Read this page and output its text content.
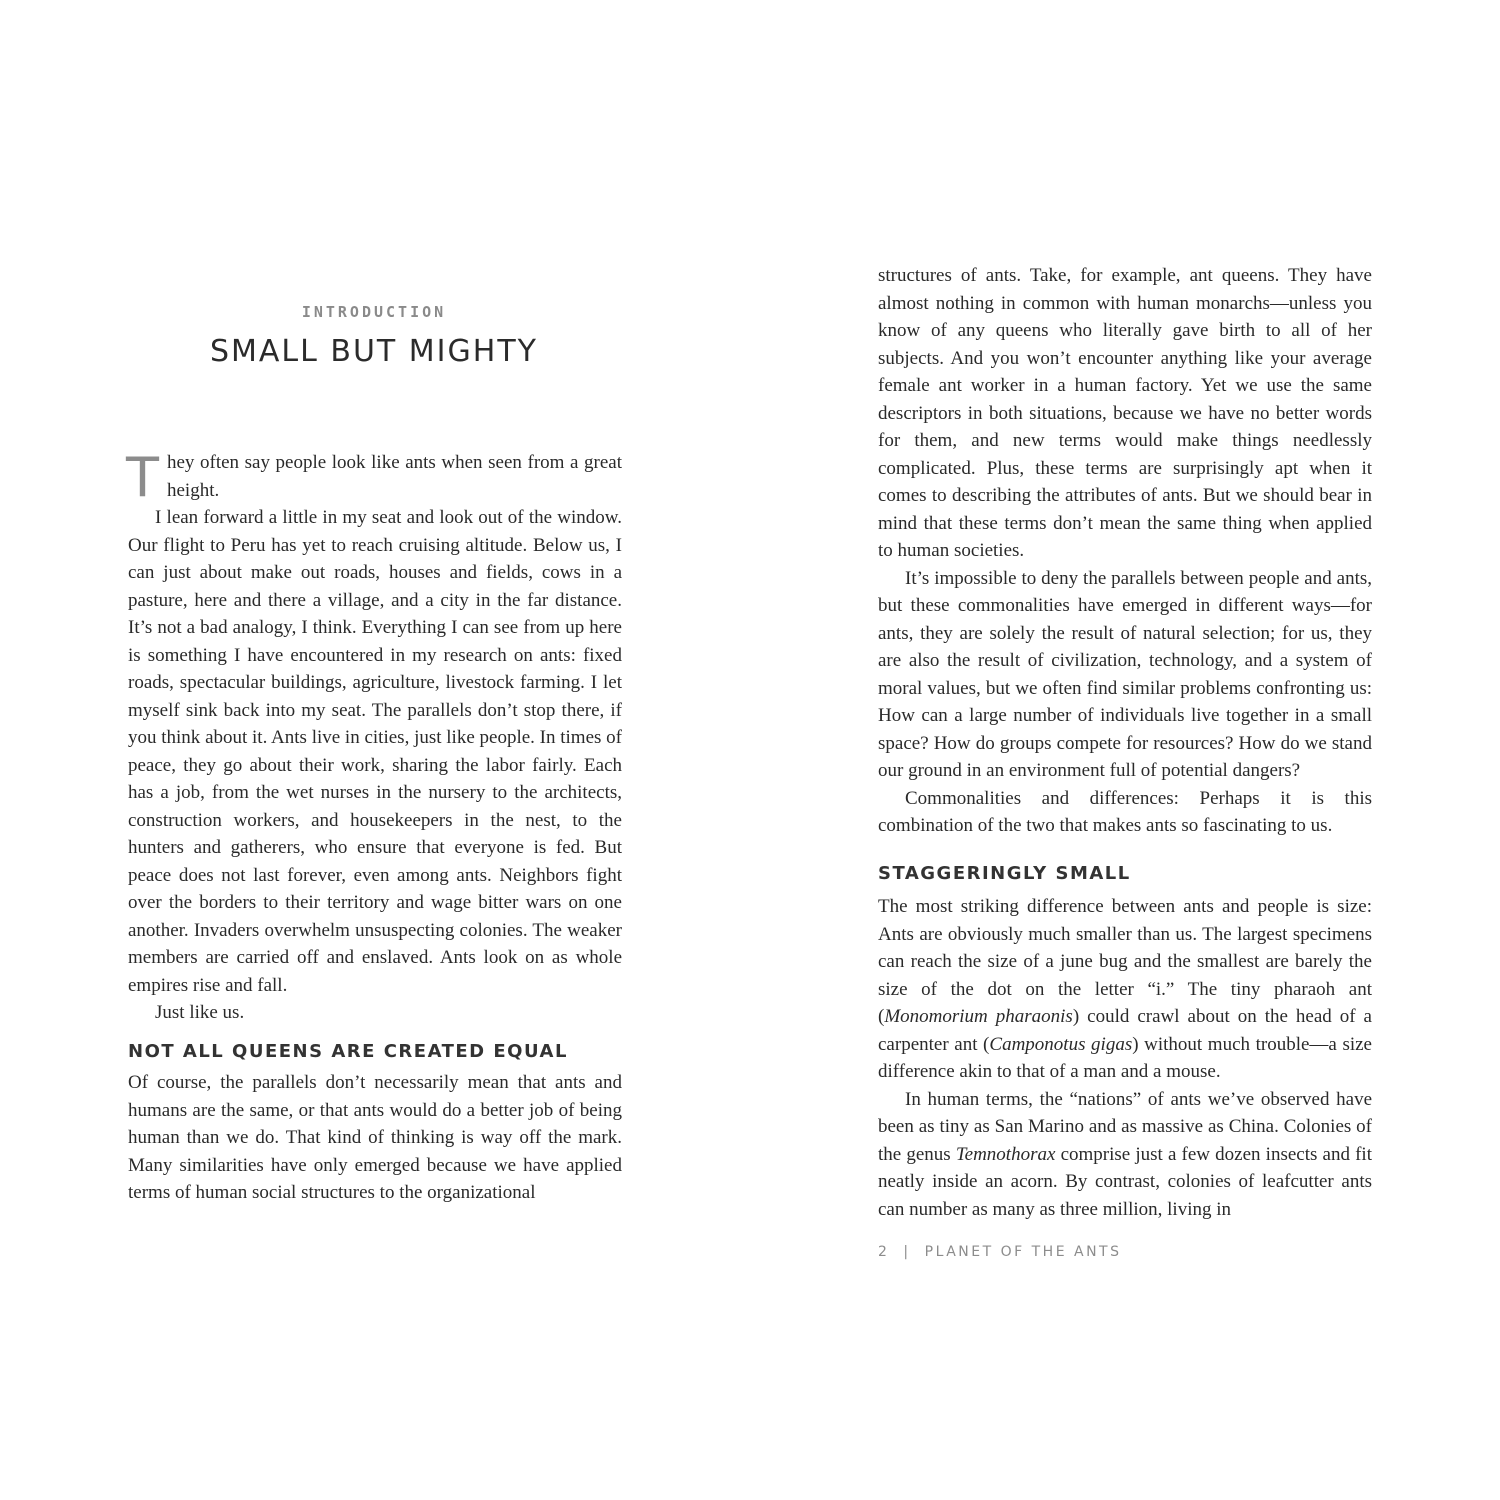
INTRODUCTION
SMALL BUT MIGHTY

They often say people look like ants when seen from a great height.

I lean forward a little in my seat and look out of the window. Our flight to Peru has yet to reach cruising altitude. Below us, I can just about make out roads, houses and fields, cows in a pasture, here and there a village, and a city in the far distance. It’s not a bad analogy, I think. Everything I can see from up here is something I have encountered in my research on ants: fixed roads, spectacular buildings, agriculture, livestock farming. I let myself sink back into my seat. The parallels don’t stop there, if you think about it. Ants live in cities, just like people. In times of peace, they go about their work, sharing the labor fairly. Each has a job, from the wet nurses in the nursery to the architects, construction workers, and housekeepers in the nest, to the hunters and gatherers, who ensure that everyone is fed. But peace does not last forever, even among ants. Neighbors fight over the borders to their territory and wage bitter wars on one another. Invaders overwhelm unsuspecting colonies. The weaker members are carried off and enslaved. Ants look on as whole empires rise and fall.

Just like us.

NOT ALL QUEENS ARE CREATED EQUAL

Of course, the parallels don’t necessarily mean that ants and humans are the same, or that ants would do a better job of being human than we do. That kind of thinking is way off the mark. Many similarities have only emerged because we have applied terms of human social structures to the organizational

structures of ants. Take, for example, ant queens. They have almost nothing in common with human monarchs—unless you know of any queens who literally gave birth to all of her subjects. And you won’t encounter anything like your average female ant worker in a human factory. Yet we use the same descriptors in both situations, because we have no better words for them, and new terms would make things needlessly complicated. Plus, these terms are surprisingly apt when it comes to describing the attributes of ants. But we should bear in mind that these terms don’t mean the same thing when applied to human societies.

It’s impossible to deny the parallels between people and ants, but these commonalities have emerged in different ways—for ants, they are solely the result of natural selection; for us, they are also the result of civilization, technology, and a system of moral values, but we often find similar problems confronting us: How can a large number of individuals live together in a small space? How do groups compete for resources? How do we stand our ground in an environment full of potential dangers?

Commonalities and differences: Perhaps it is this combination of the two that makes ants so fascinating to us.

STAGGERINGLY SMALL

The most striking difference between ants and people is size: Ants are obviously much smaller than us. The largest specimens can reach the size of a june bug and the smallest are barely the size of the dot on the letter “i.” The tiny pharaoh ant (Monomorium pharaonis) could crawl about on the head of a carpenter ant (Camponotus gigas) without much trouble—a size difference akin to that of a man and a mouse.

In human terms, the “nations” of ants we’ve observed have been as tiny as San Marino and as massive as China. Colonies of the genus Temnothorax comprise just a few dozen insects and fit neatly inside an acorn. By contrast, colonies of leafcutter ants can number as many as three million, living in

2 | PLANET OF THE ANTS
